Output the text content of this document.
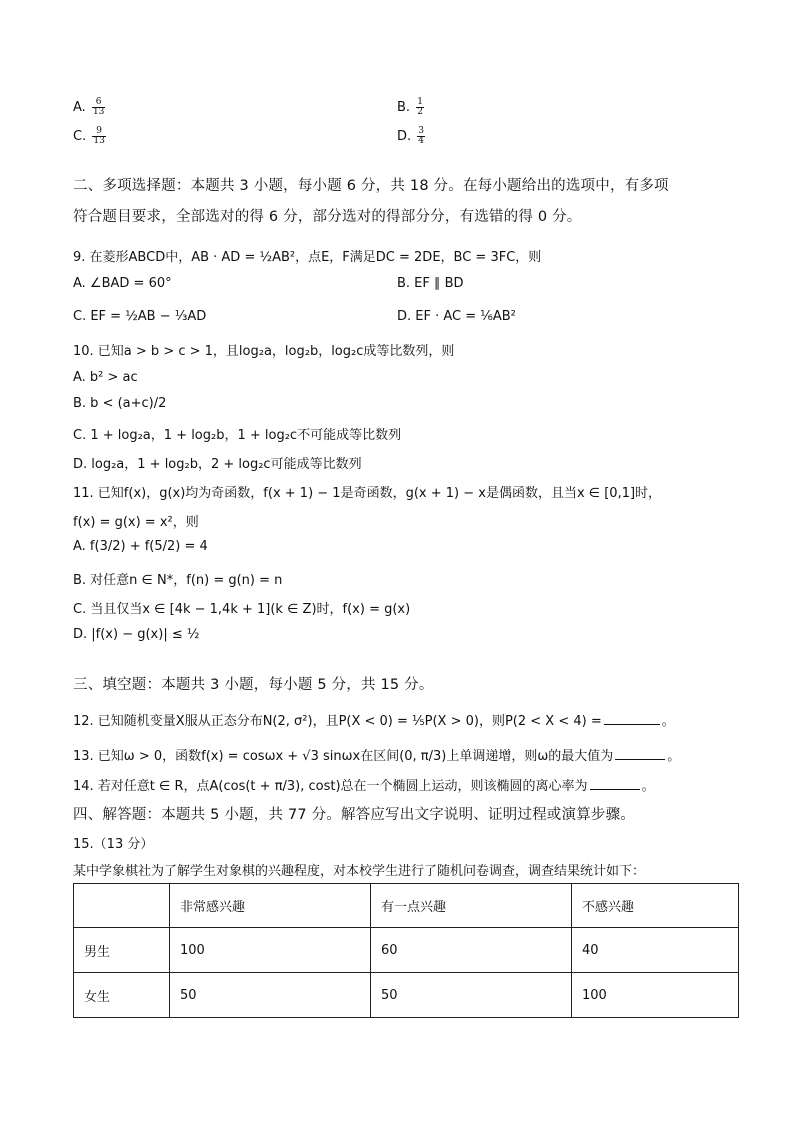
A. $\frac{6}{13}$	B. $\frac{1}{2}$
C. $\frac{9}{13}$	D. $\frac{3}{4}$
二、多项选择题：本题共 3 小题，每小题 6 分，共 18 分。在每小题给出的选项中，有多项
符合题目要求，全部选对的得 6 分，部分选对的得部分分，有选错的得 0 分。
9. 在菱形ABCD中，AB · AD = ½AB²，点E，F满足DC = 2DE，BC = 3FC，则
A. ∠BAD = 60°	B. EF ∥ BD
C. EF = ½AB − ⅓AD	D. EF · AC = ⅙AB²
10. 已知a > b > c > 1，且log₂a，log₂b，log₂c成等比数列，则
A. b² > ac
B. b < (a+c)/2
C. 1 + log₂a，1 + log₂b，1 + log₂c不可能成等比数列
D. log₂a，1 + log₂b，2 + log₂c可能成等比数列
11. 已知f(x)，g(x)均为奇函数，f(x + 1) − 1是奇函数，g(x + 1) − x是偶函数，且当x ∈ [0,1]时，
f(x) = g(x) = x²，则
A. f(3/2) + f(5/2) = 4
B. 对任意n ∈ N*，f(n) = g(n) = n
C. 当且仅当x ∈ [4k − 1,4k + 1](k ∈ Z)时，f(x) = g(x)
D. |f(x) − g(x)| ≤ ½
三、填空题：本题共 3 小题，每小题 5 分，共 15 分。
12. 已知随机变量X服从正态分布N(2, σ²)，且P(X < 0) = ⅕P(X > 0)，则P(2 < X < 4) =	。
13. 已知ω > 0，函数f(x) = cosωx + √3 sinωx在区间(0, π/3)上单调递增，则ω的最大值为	。
14. 若对任意t ∈ R，点A(cos(t + π/3), cost)总在一个椭圆上运动，则该椭圆的离心率为	。
四、解答题：本题共 5 小题，共 77 分。解答应写出文字说明、证明过程或演算步骤。
15.（13 分）
某中学象棋社为了解学生对象棋的兴趣程度，对本校学生进行了随机问卷调查，调查结果统计如下：
	非常感兴趣	有一点兴趣	不感兴趣
男生	100	60	40
女生	50	50	100
